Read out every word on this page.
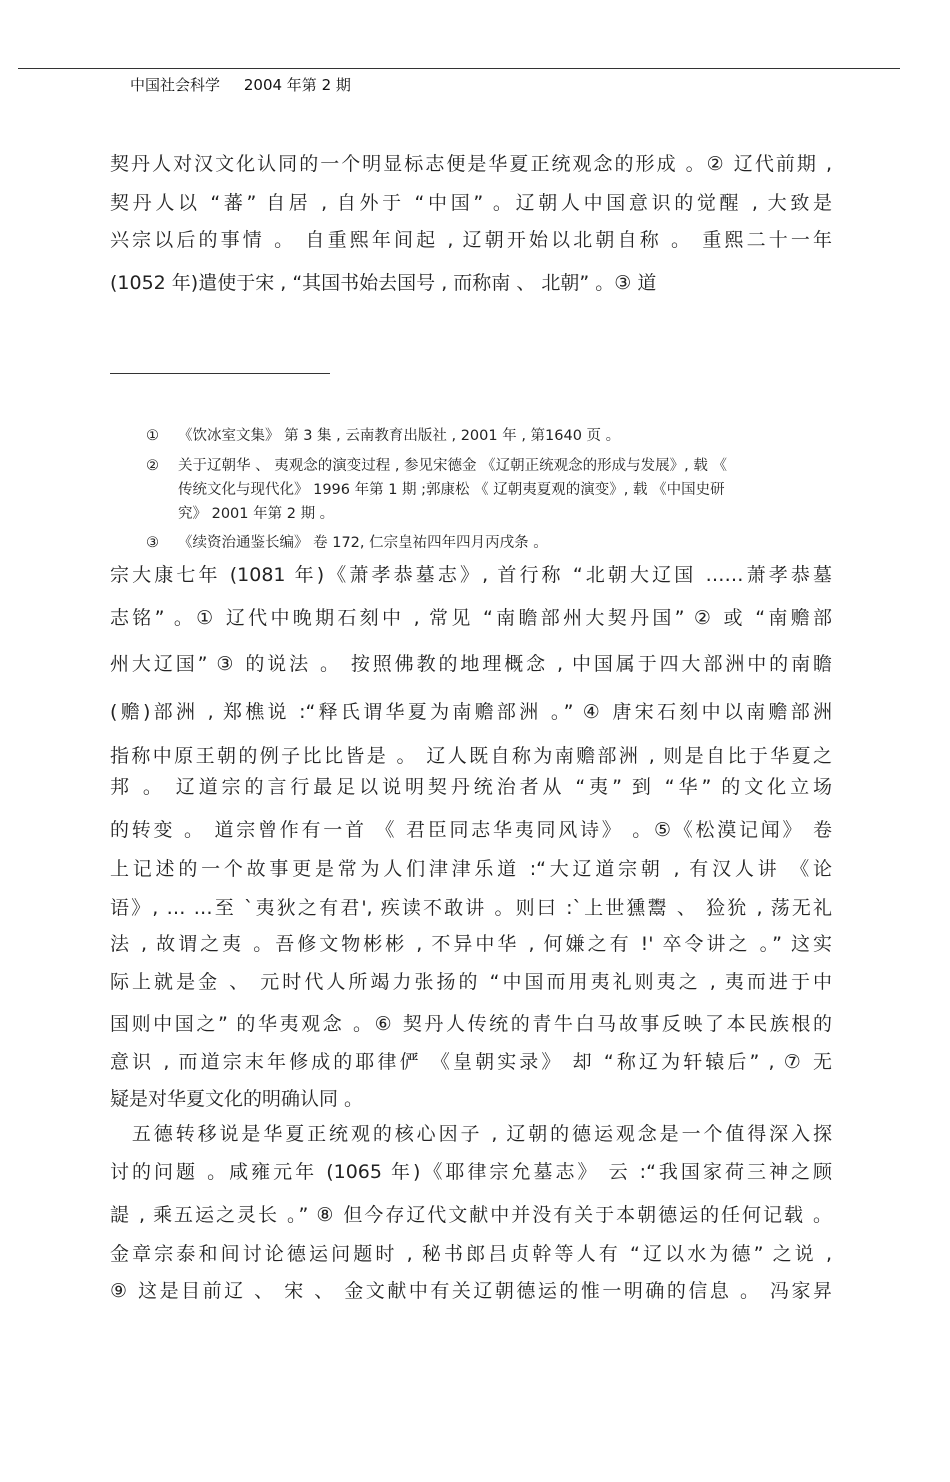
中国社会科学 2004 年第 2 期
契丹人对汉文化认同的一个明显标志便是华夏正统观念的形成 。② 辽代前期 ,
契丹人以 “蕃” 自居 , 自外于 “中国” 。辽朝人中国意识的觉醒 , 大致是
兴宗以后的事情 。 自重熙年间起 , 辽朝开始以北朝自称 。 重熙二十一年
(1052 年)遣使于宋 , “其国书始去国号 , 而称南 、 北朝” 。③ 道
① 《饮冰室文集》 第 3 集 , 云南教育出版社 , 2001 年 , 第1640 页 。
② 关于辽朝华 、 夷观念的演变过程 , 参见宋德金 《辽朝正统观念的形成与发展》, 载 《
传统文化与现代化》 1996 年第 1 期 ;郭康松 《 辽朝夷夏观的演变》, 载 《中国史研
究》 2001 年第 2 期 。
③ 《续资治通鉴长编》 卷 172, 仁宗皇祐四年四月丙戌条 。
宗大康七年 (1081 年)《萧孝恭墓志》, 首行称 “北朝大辽国 ……萧孝恭墓
志铭” 。① 辽代中晚期石刻中 , 常见 “南瞻部州大契丹国” ② 或 “南赡部
州大辽国” ③ 的说法 。 按照佛教的地理概念 , 中国属于四大部洲中的南瞻
(赡)部洲 , 郑樵说 :“释氏谓华夏为南赡部洲 。” ④ 唐宋石刻中以南赡部洲
指称中原王朝的例子比比皆是 。 辽人既自称为南赡部洲 , 则是自比于华夏之
邦 。 辽道宗的言行最足以说明契丹统治者从 “夷” 到 “华” 的文化立场
的转变 。 道宗曾作有一首 《 君臣同志华夷同风诗》 。⑤《松漠记闻》 卷
上记述的一个故事更是常为人们津津乐道 :“大辽道宗朝 , 有汉人讲 《论
语》, … …至 `夷狄之有君', 疾读不敢讲 。则曰 :`上世獯鬻 、 猃狁 , 荡无礼
法 , 故谓之夷 。吾修文物彬彬 , 不异中华 , 何嫌之有 !' 卒令讲之 。” 这实
际上就是金 、 元时代人所竭力张扬的 “中国而用夷礼则夷之 , 夷而进于中
国则中国之” 的华夷观念 。⑥ 契丹人传统的青牛白马故事反映了本民族根的
意识 , 而道宗末年修成的耶律俨 《皇朝实录》 却 “称辽为轩辕后” , ⑦ 无
疑是对华夏文化的明确认同 。
　五德转移说是华夏正统观的核心因子 , 辽朝的德运观念是一个值得深入探
讨的问题 。咸雍元年 (1065 年)《耶律宗允墓志》 云 :“我国家荷三神之顾
諟 , 乘五运之灵长 。” ⑧ 但今存辽代文献中并没有关于本朝德运的任何记载 。
金章宗泰和间讨论德运问题时 , 秘书郎吕贞幹等人有 “辽以水为德” 之说 ,
⑨ 这是目前辽 、 宋 、 金文献中有关辽朝德运的惟一明确的信息 。 冯家昇
